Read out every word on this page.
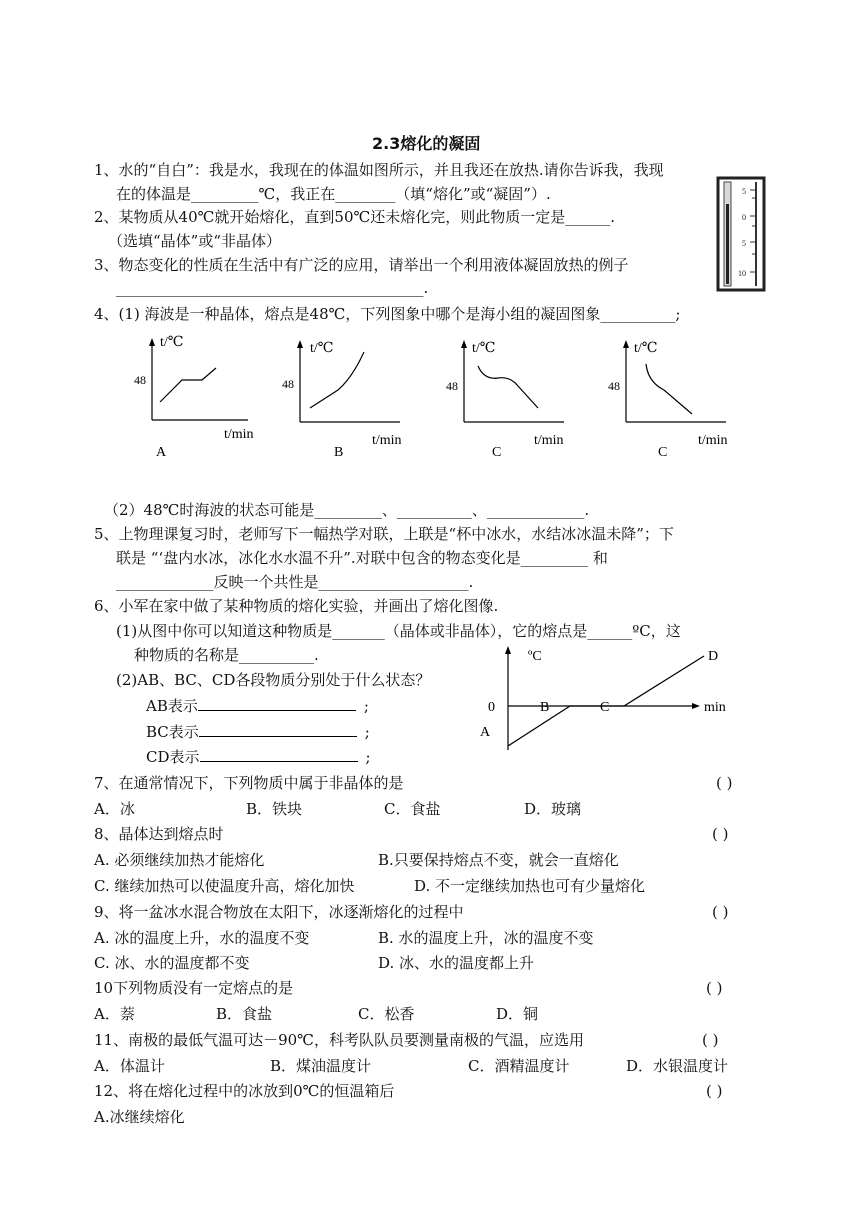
2.3熔化的凝固
1、水的“自白”：我是水，我现在的体温如图所示，并且我还在放热.请你告诉我，我现
在的体温是_________℃，我正在________（填“熔化”或“凝固”）.	5
0
5
10
2、某物质从40℃就开始熔化，直到50℃还未熔化完，则此物质一定是______.
（选填“晶体”或“非晶体）
3、物态变化的性质在生活中有广泛的应用，请举出一个利用液体凝固放热的例子
_________________________________________.
4、(1) 海波是一种晶体，熔点是48℃，下列图象中哪个是海小组的凝固图象__________;
t/℃
48
t/min
A
t/℃
48
t/min
B
t/℃
48
t/min
C
t/℃
48
t/min
C
（2）48℃时海波的状态可能是_________、__________、_____________.
5、上物理课复习时，老师写下一幅热学对联，上联是“杯中冰水，水结冰冰温未降”；下
联是 “‘盘内水冰，冰化水水温不升”.对联中包含的物态变化是_________ 和
_____________反映一个共性是____________________.
6、小军在家中做了某种物质的熔化实验，并画出了熔化图像.
(1)从图中你可以知道这种物质是_______（晶体或非晶体），它的熔点是______ºC，这
种物质的名称是__________.
(2)AB、BC、CD各段物质分别处于什么状态？
AB表示	;
BC表示	;
CD表示	;
ºC	D
0	B	C	min
A
7、在通常情况下，下列物质中属于非晶体的是	( )
A．冰	B．铁块	C．食盐	D．玻璃
8、晶体达到熔点时	( )
A. 必须继续加热才能熔化	B.只要保持熔点不变，就会一直熔化
C. 继续加热可以使温度升高，熔化加快	D. 不一定继续加热也可有少量熔化
9、将一盆冰水混合物放在太阳下，冰逐渐熔化的过程中	( )
A. 冰的温度上升，水的温度不变	B. 水的温度上升，冰的温度不变
C. 冰、水的温度都不变	D. 冰、水的温度都上升
10下列物质没有一定熔点的是	( )
A．萘	B．食盐	C．松香	D．铜
11、南极的最低气温可达－90℃，科考队队员要测量南极的气温，应选用	( )
A．体温计	B．煤油温度计	C．酒精温度计	D．水银温度计
12、将在熔化过程中的冰放到0℃的恒温箱后	( )
A.冰继续熔化
